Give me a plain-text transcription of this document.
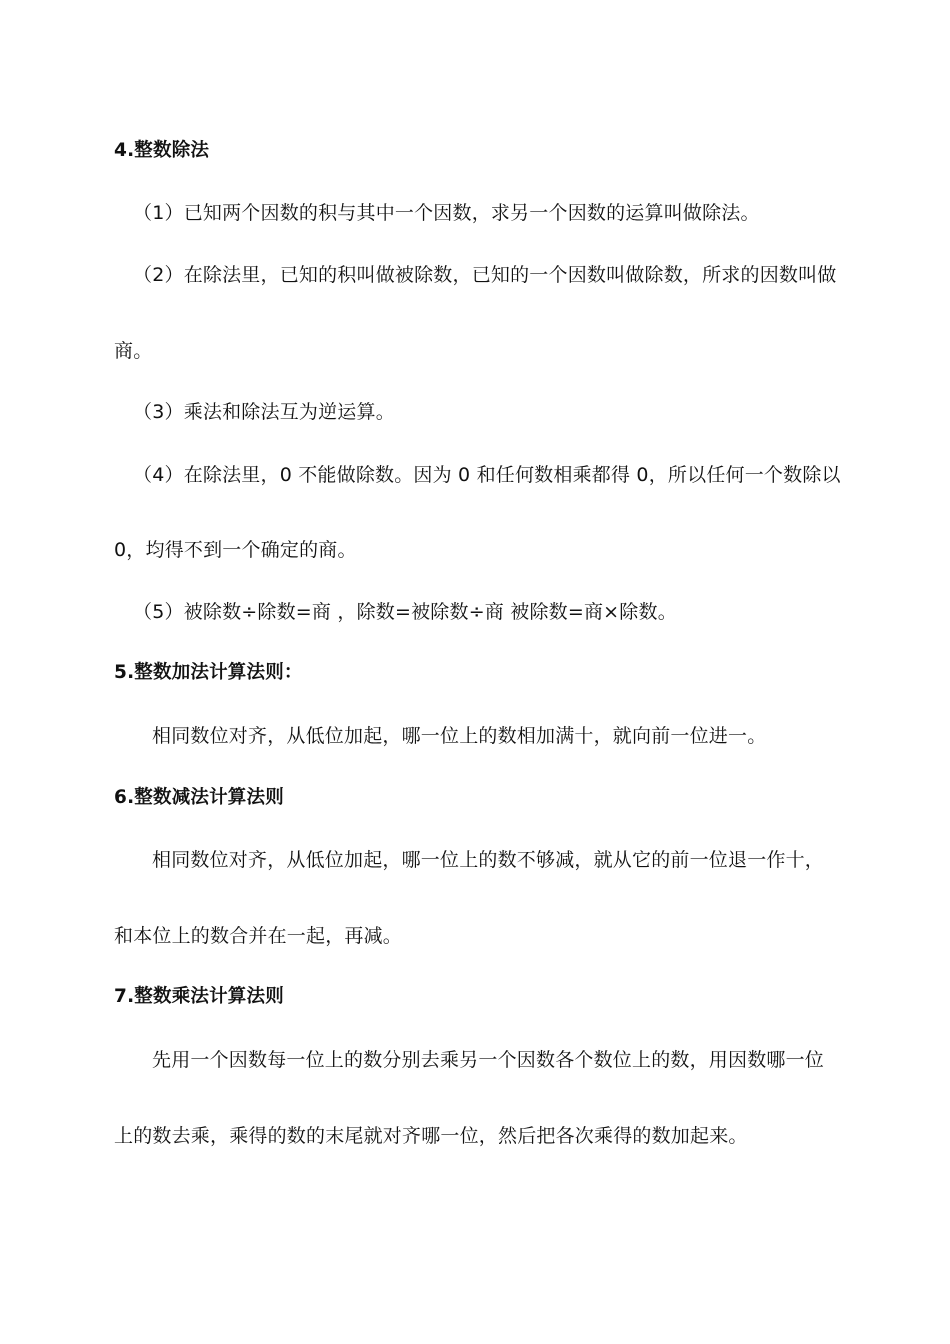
4.整数除法
（1）已知两个因数的积与其中一个因数，求另一个因数的运算叫做除法。
（2）在除法里，已知的积叫做被除数，已知的一个因数叫做除数，所求的因数叫做
商。
（3）乘法和除法互为逆运算。
（4）在除法里，0 不能做除数。因为 0 和任何数相乘都得 0，所以任何一个数除以
0，均得不到一个确定的商。
（5）被除数÷除数=商 ，除数=被除数÷商 被除数=商×除数。
5.整数加法计算法则：
相同数位对齐，从低位加起，哪一位上的数相加满十，就向前一位进一。
6.整数减法计算法则
相同数位对齐，从低位加起，哪一位上的数不够减，就从它的前一位退一作十，
和本位上的数合并在一起，再减。
7.整数乘法计算法则
先用一个因数每一位上的数分别去乘另一个因数各个数位上的数，用因数哪一位
上的数去乘，乘得的数的末尾就对齐哪一位，然后把各次乘得的数加起来。
